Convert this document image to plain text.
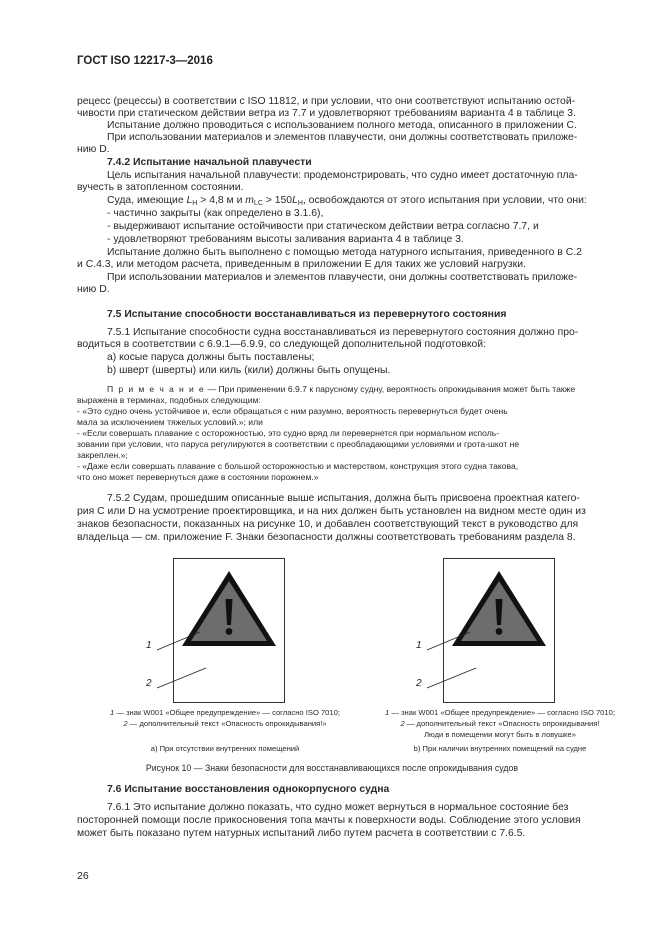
ГОСТ ISO 12217-3—2016
рецесс (рецессы) в соответствии с ISO 11812, и при условии, что они соответствуют испытанию остой-
чивости при статическом действии ветра из 7.7 и удовлетворяют требованиям варианта 4 в таблице 3.
Испытание должно проводиться с использованием полного метода, описанного в приложении С.
При использовании материалов и элементов плавучести, они должны соответствовать приложе-
нию D.
7.4.2 Испытание начальной плавучести
Цель испытания начальной плавучести: продемонстрировать, что судно имеет достаточную пла-
вучесть в затопленном состоянии.
Суда, имеющие $L_H > 4,8$ м и $m_{LC} > 150L_H$, освобождаются от этого испытания при условии, что они:
- частично закрыты (как определено в 3.1.6),
- выдерживают испытание остойчивости при статическом действии ветра согласно 7.7, и
- удовлетворяют требованиям высоты заливания варианта 4 в таблице 3.
Испытание должно быть выполнено с помощью метода натурного испытания, приведенного в С.2
и С.4.3, или методом расчета, приведенным в приложении Е для таких же условий нагрузки.
При использовании материалов и элементов плавучести, они должны соответствовать приложе-
нию D.
7.5 Испытание способности восстанавливаться из перевернутого состояния
7.5.1 Испытание способности судна восстанавливаться из перевернутого состояния должно про-
водиться в соответствии с 6.9.1—6.9.9, со следующей дополнительной подготовкой:
а) косые паруса должны быть поставлены;
b) шверт (шверты) или киль (кили) должны быть опущены.
П р и м е ч а н и е — При применении 6.9.7 к парусному судну, вероятность опрокидывания может быть также
выражена в терминах, подобных следующим:
- «Это судно очень устойчивое и, если обращаться с ним разумно, вероятность перевернуться будет очень
мала за исключением тяжелых условий.»; или
- «Если совершать плавание с осторожностью, это судно вряд ли перевернется при нормальном исполь-
зовании при условии, что паруса регулируются в соответствии с преобладающими условиями и грота-шкот не
закреплен.»;
- «Даже если совершать плавание с большой осторожностью и мастерством, конструкция этого судна такова,
что оно может перевернуться даже в состоянии порожнем.»
7.5.2 Судам, прошедшим описанные выше испытания, должна быть присвоена проектная катего-
рия С или D на усмотрение проектировщика, и на них должен быть установлен на видном месте один из
знаков безопасности, показанных на рисунке 10, и добавлен соответствующий текст в руководство для
владельца — см. приложение F. Знаки безопасности должны соответствовать требованиям раздела 8.
1
2
1
2
1 — знак W001 «Общее предупреждение» — согласно ISO 7010;
2 — дополнительный текст «Опасность опрокидывания!»
1 — знак W001 «Общее предупреждение» — согласно ISO 7010;
2 — дополнительный текст «Опасность опрокидывания!
Люди в помещении могут быть в ловушке»
a) При отсутствии внутренних помещений	b) При наличии внутренних помещений на судне
Рисунок 10 — Знаки безопасности для восстанавливающихся после опрокидывания судов
7.6 Испытание восстановления однокорпусного судна
7.6.1 Это испытание должно показать, что судно может вернуться в нормальное состояние без
посторонней помощи после прикосновения топа мачты к поверхности воды. Соблюдение этого условия
может быть показано путем натурных испытаний либо путем расчета в соответствии с 7.6.5.
26
